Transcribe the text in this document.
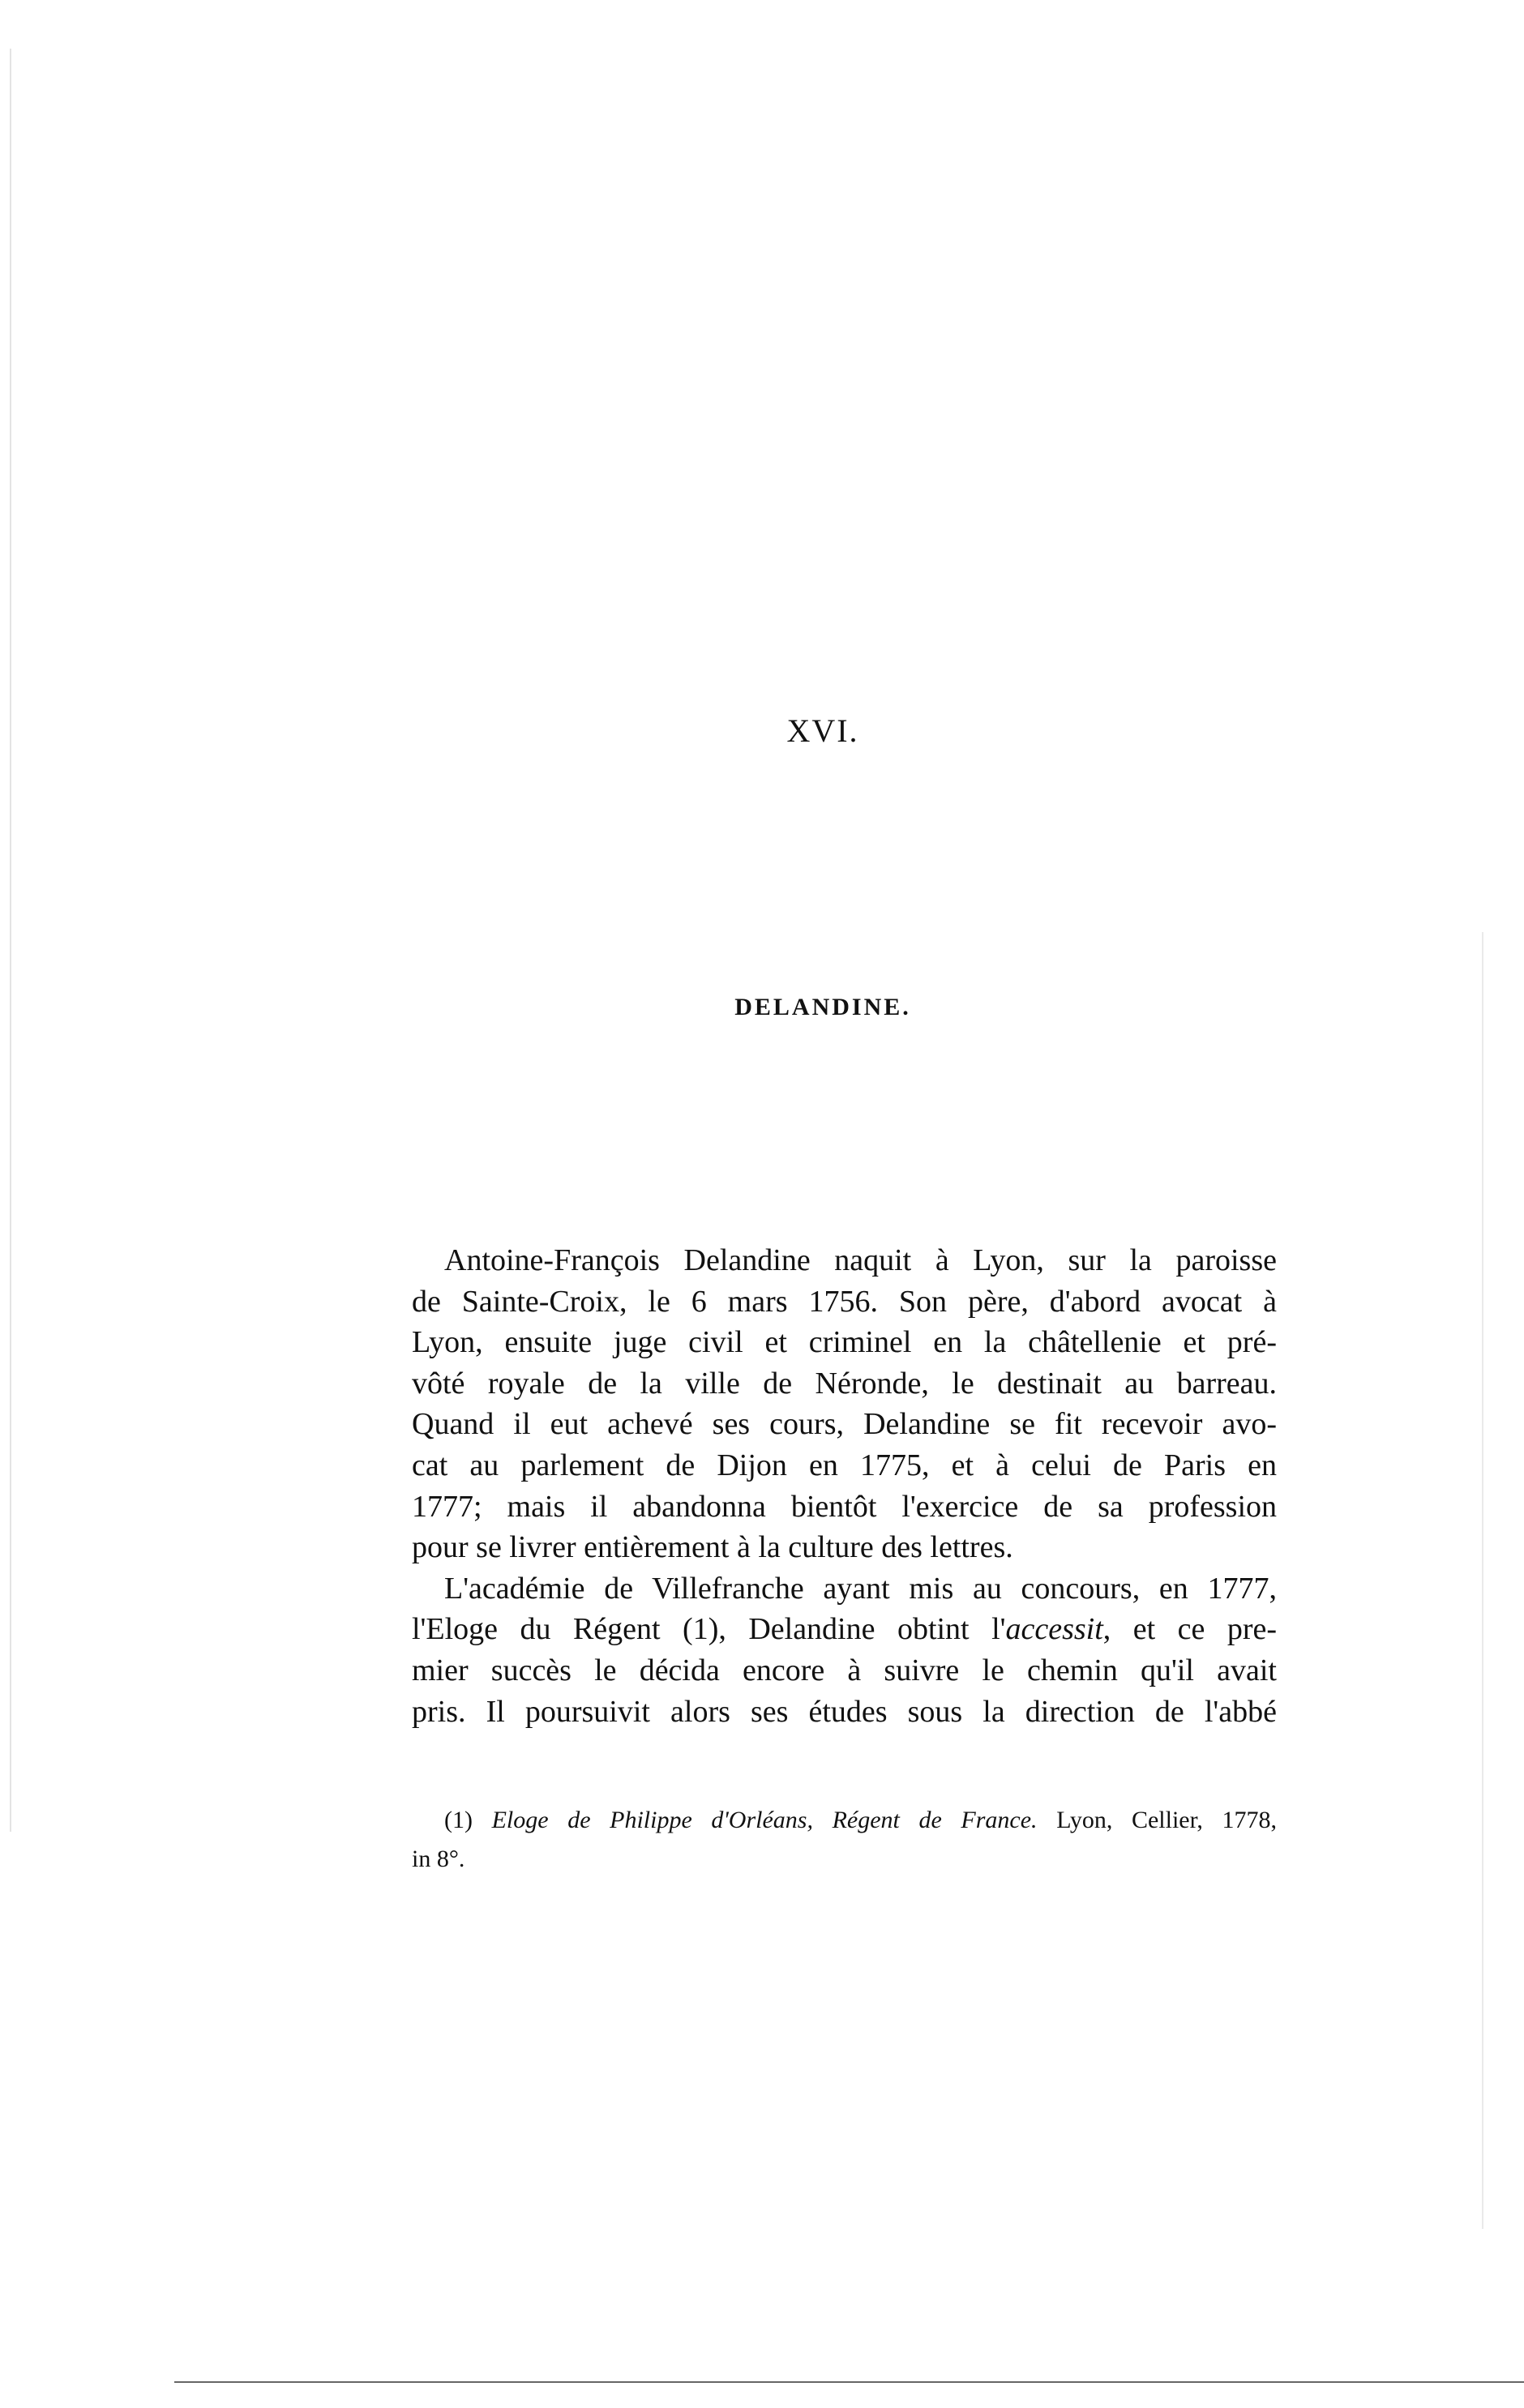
XVI.
DELANDINE.
Antoine-François Delandine naquit à Lyon, sur la paroisse
de Sainte-Croix, le 6 mars 1756. Son père, d'abord avocat à
Lyon, ensuite juge civil et criminel en la châtellenie et pré-
vôté royale de la ville de Néronde, le destinait au barreau.
Quand il eut achevé ses cours, Delandine se fit recevoir avo-
cat au parlement de Dijon en 1775, et à celui de Paris en
1777; mais il abandonna bientôt l'exercice de sa profession
pour se livrer entièrement à la culture des lettres.
L'académie de Villefranche ayant mis au concours, en 1777,
l'Eloge du Régent (1), Delandine obtint l'accessit, et ce pre-
mier succès le décida encore à suivre le chemin qu'il avait
pris. Il poursuivit alors ses études sous la direction de l'abbé
(1) Eloge de Philippe d'Orléans, Régent de France. Lyon, Cellier, 1778,
in 8°.
